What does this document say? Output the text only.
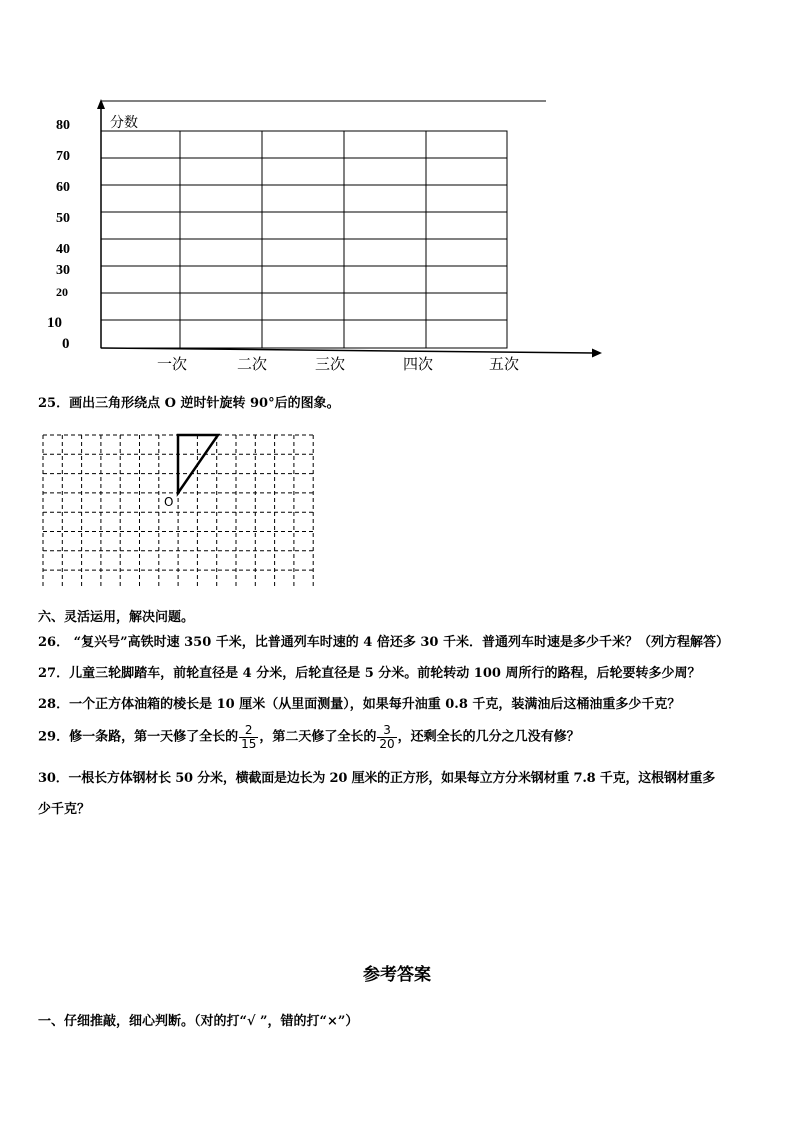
分数
80
70
60
50
40
30
20
10
0
一次	二次	三次	四次	五次
25．画出三角形绕点 O 逆时针旋转 90°后的图象。
O
六、灵活运用，解决问题。
26． “复兴号”高铁时速 350 千米，比普通列车时速的 4 倍还多 30 千米．普通列车时速是多少千米？（列方程解答）
27．儿童三轮脚踏车，前轮直径是 4 分米，后轮直径是 5 分米。前轮转动 100 周所行的路程，后轮要转多少周？
28．一个正方体油箱的棱长是 10 厘米（从里面测量），如果每升油重 0.8 千克，装满油后这桶油重多少千克？
29．修一条路，第一天修了全长的 $\frac{2}{15}$ ，第二天修了全长的 $\frac{3}{20}$ ，还剩全长的几分之几没有修？
30．一根长方体钢材长 50 分米，横截面是边长为 20 厘米的正方形，如果每立方分米钢材重 7.8 千克，这根钢材重多
少千克？
参考答案
一、仔细推敲，细心判断。（对的打“√ ”，错的打“×”）
